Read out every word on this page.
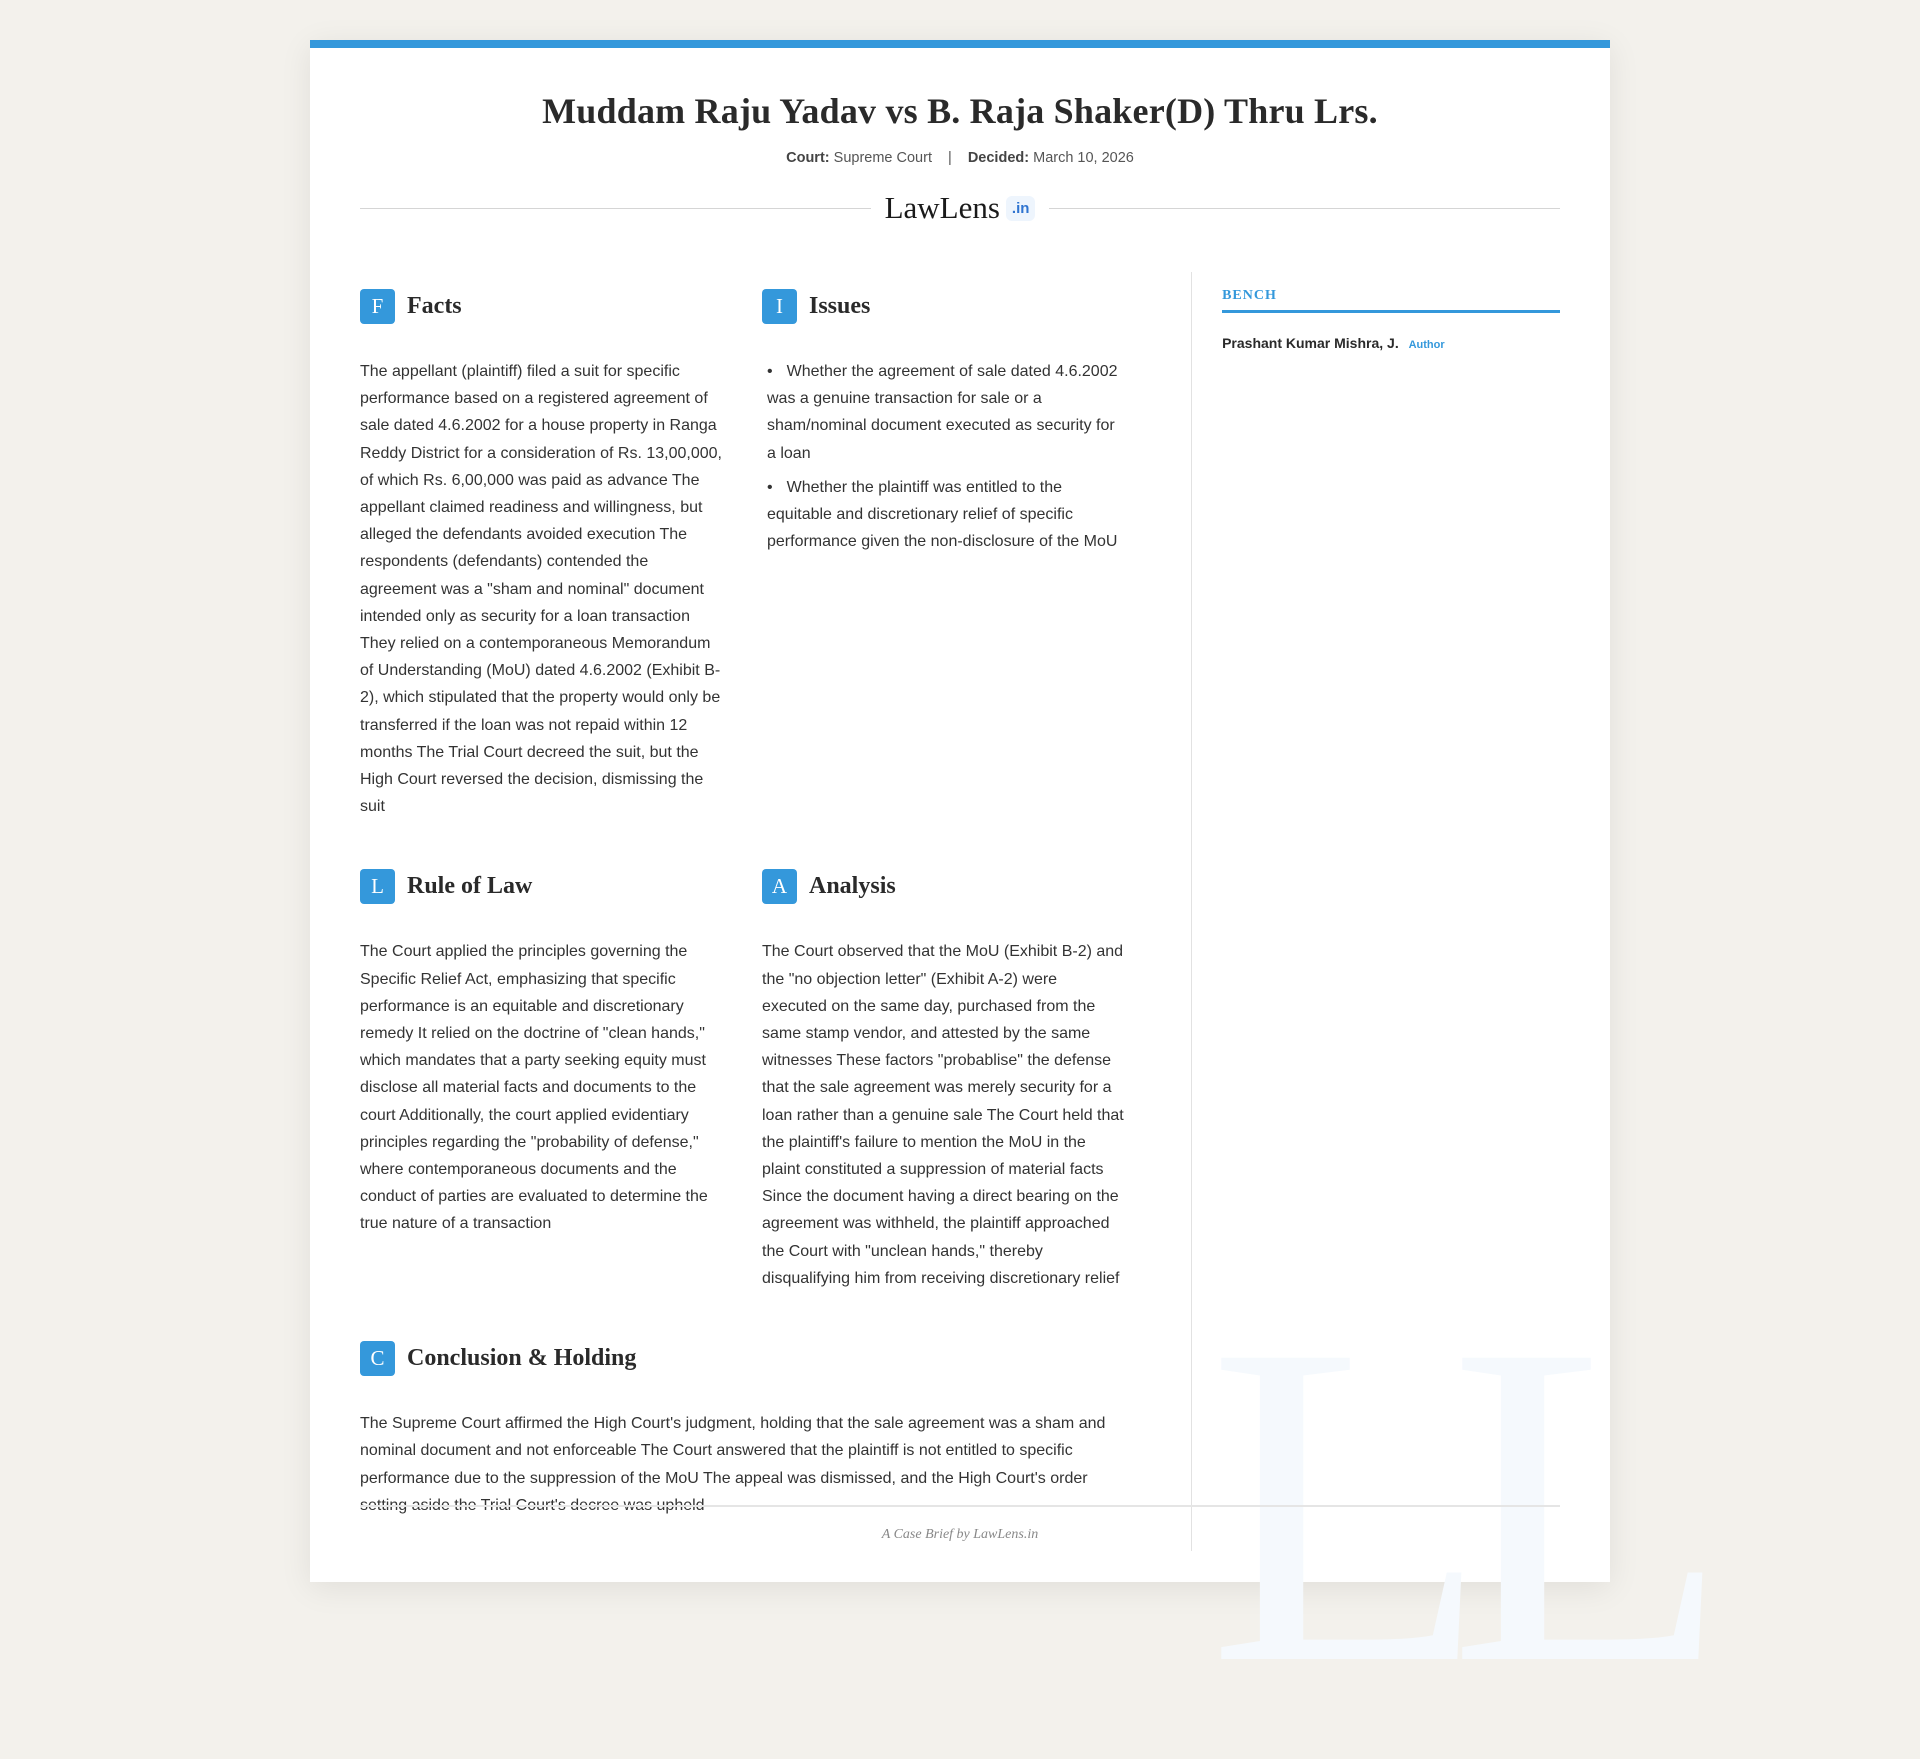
LL
Muddam Raju Yadav vs B. Raja Shaker(D) Thru Lrs.
Court: Supreme Court | Decided: March 10, 2026
LawLens .in
F Facts
The appellant (plaintiff) filed a suit for specific performance based on a registered agreement of sale dated 4.6.2002 for a house property in Ranga Reddy District for a consideration of Rs. 13,00,000, of which Rs. 6,00,000 was paid as advance The appellant claimed readiness and willingness, but alleged the defendants avoided execution The respondents (defendants) contended the agreement was a "sham and nominal" document intended only as security for a loan transaction They relied on a contemporaneous Memorandum of Understanding (MoU) dated 4.6.2002 (Exhibit B-2), which stipulated that the property would only be transferred if the loan was not repaid within 12 months The Trial Court decreed the suit, but the High Court reversed the decision, dismissing the suit
I	Issues
• Whether the agreement of sale dated 4.6.2002 was a genuine transaction for sale or a sham/nominal document executed as security for a loan
• Whether the plaintiff was entitled to the equitable and discretionary relief of specific performance given the non-disclosure of the MoU
L Rule of Law
The Court applied the principles governing the Specific Relief Act, emphasizing that specific performance is an equitable and discretionary remedy It relied on the doctrine of "clean hands," which mandates that a party seeking equity must disclose all material facts and documents to the court Additionally, the court applied evidentiary principles regarding the "probability of defense," where contemporaneous documents and the conduct of parties are evaluated to determine the true nature of a transaction
A Analysis
The Court observed that the MoU (Exhibit B-2) and the "no objection letter" (Exhibit A-2) were executed on the same day, purchased from the same stamp vendor, and attested by the same witnesses These factors "probablise" the defense that the sale agreement was merely security for a loan rather than a genuine sale The Court held that the plaintiff's failure to mention the MoU in the plaint constituted a suppression of material facts Since the document having a direct bearing on the agreement was withheld, the plaintiff approached the Court with "unclean hands," thereby disqualifying him from receiving discretionary relief
C Conclusion & Holding
The Supreme Court affirmed the High Court's judgment, holding that the sale agreement was a sham and nominal document and not enforceable The Court answered that the plaintiff is not entitled to specific performance due to the suppression of the MoU The appeal was dismissed, and the High Court's order setting aside the Trial Court's decree was upheld
BENCH
Prashant Kumar Mishra, J. Author
A Case Brief by LawLens.in
